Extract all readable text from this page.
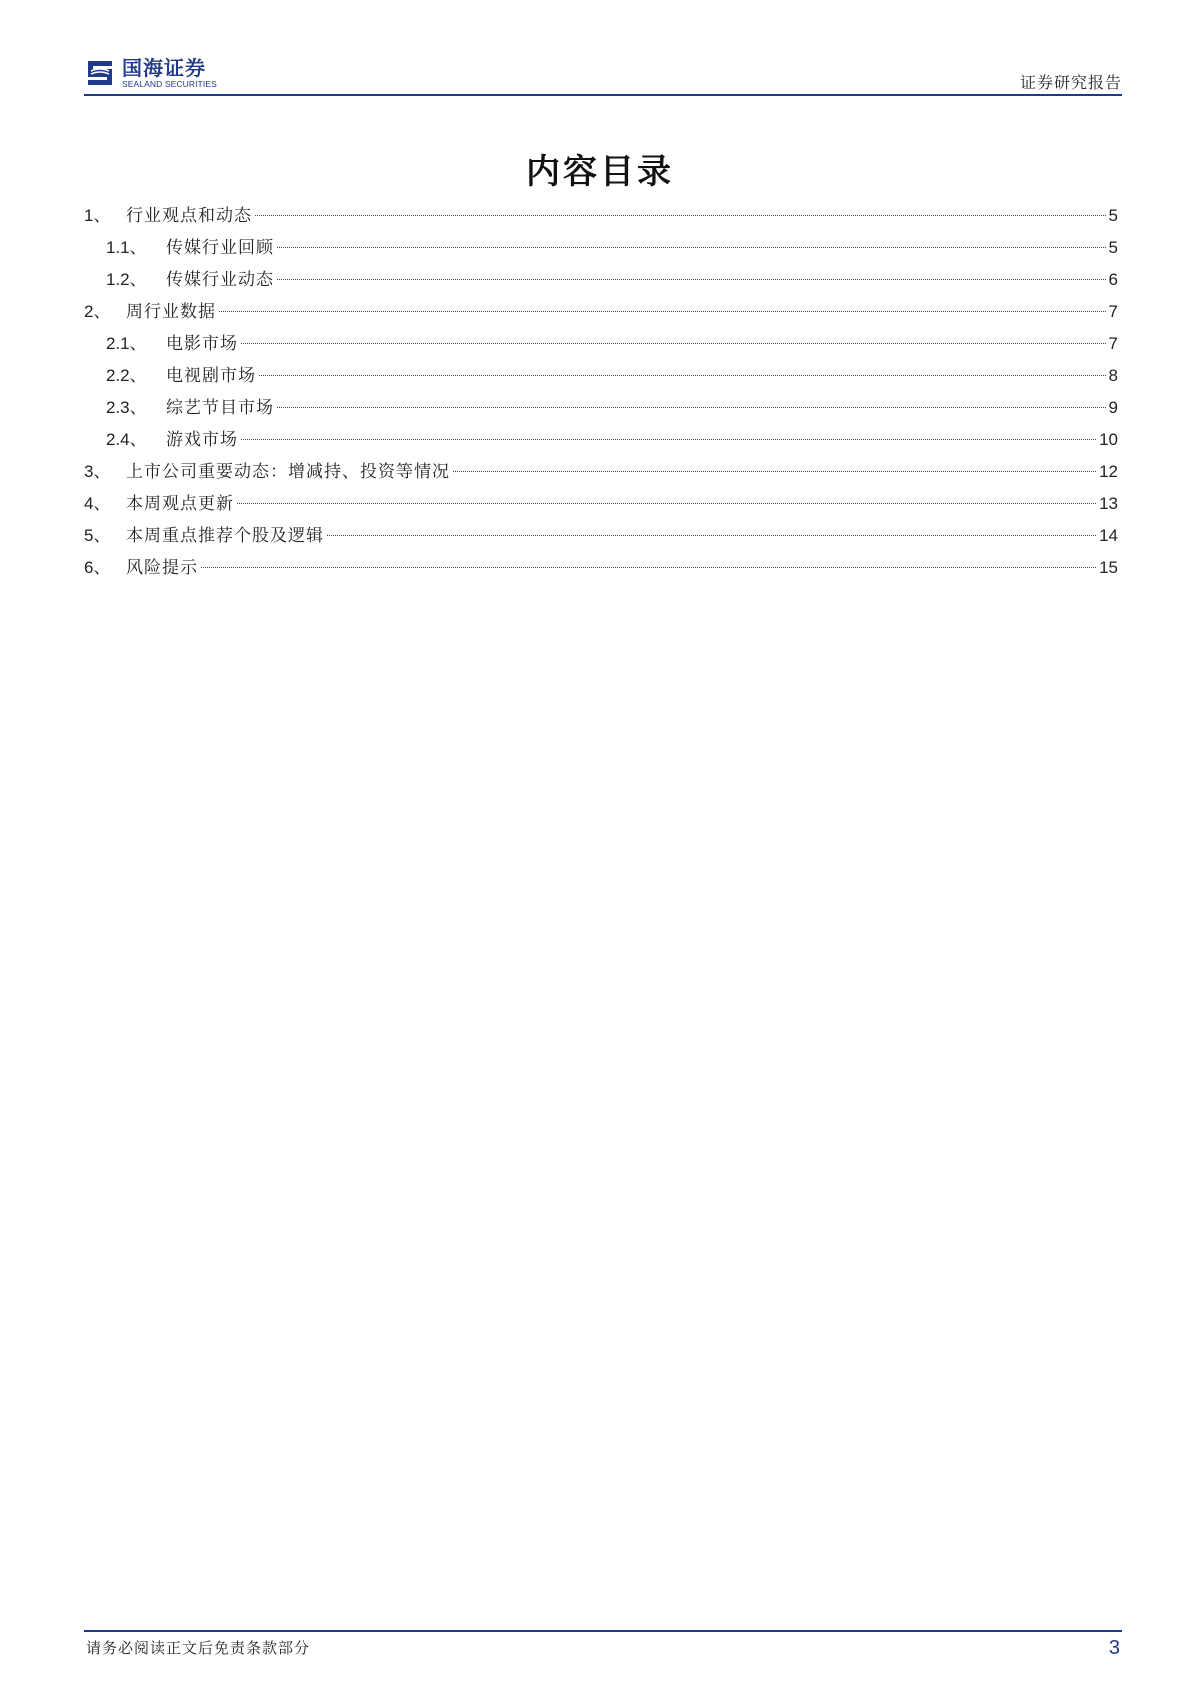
国海证券
SEALAND SECURITIES	证券研究报告
内容目录
1、 行业观点和动态	5
1.1、	传媒行业回顾	5
1.2、	传媒行业动态	6
2、 周行业数据	7
2.1、	电影市场	7
2.2、	电视剧市场	8
2.3、	综艺节目市场	9
2.4、	游戏市场	10
3、 上市公司重要动态：增减持、投资等情况	12
4、 本周观点更新	13
5、 本周重点推荐个股及逻辑	14
6、 风险提示	15
请务必阅读正文后免责条款部分	3
